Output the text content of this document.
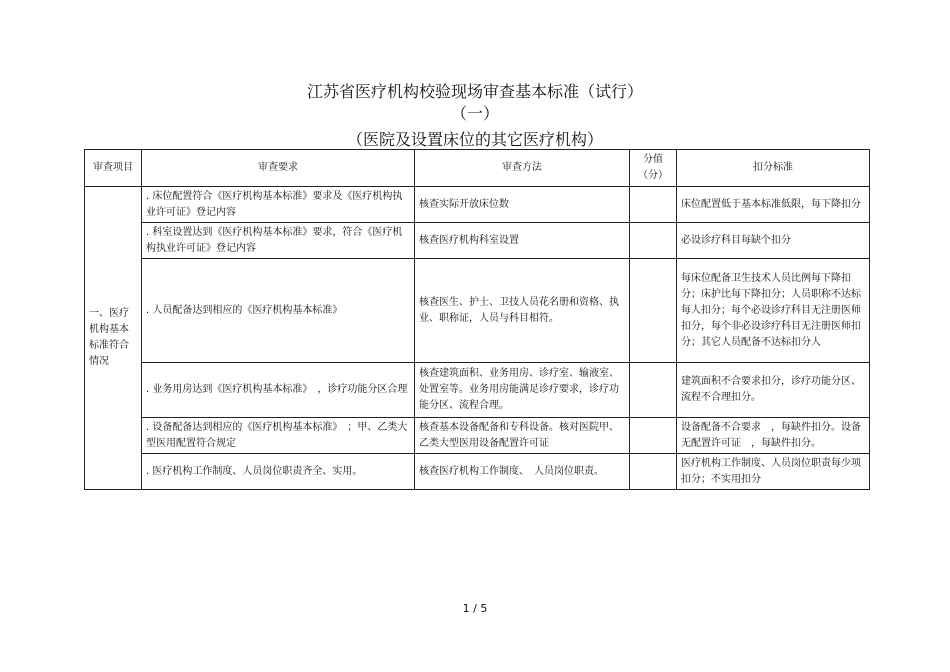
江苏省医疗机构校验现场审查基本标准（试行）
（一）
（医院及设置床位的其它医疗机构）
审查项目	审查要求	审查方法	分值（分）	扣分标准
一、医疗机构基本标准符合情况	. 床位配置符合《医疗机构基本标准》要求及《医疗机构执业许可证》登记内容	核查实际开放床位数		床位配置低于基本标准低限，每下降扣分
	. 科室设置达到《医疗机构基本标准》要求，符合《医疗机构执业许可证》登记内容	核查医疗机构科室设置		必设诊疗科目每缺个扣分
	. 人员配备达到相应的《医疗机构基本标准》	核查医生、护士、卫技人员花名册和资格、执业、职称证，人员与科目相符。		每床位配备卫生技术人员比例每下降扣分；床护比每下降扣分；人员职称不达标每人扣分；每个必设诊疗科目无注册医师扣分，每个非必设诊疗科目无注册医师扣分；其它人员配备不达标扣分人
	. 业务用房达到《医疗机构基本标准》　，诊疗功能分区合理	核查建筑面积、业务用房、诊疗室、输液室、处置室等。业务用房能满足诊疗要求，诊疗功能分区、流程合理。		建筑面积不合要求扣分，诊疗功能分区、流程不合理扣分。
	. 设备配备达到相应的《医疗机构基本标准》　；甲、乙类大型医用配置符合规定	核查基本设备配备和专科设备。核对医院甲、乙类大型医用设备配置许可证		设备配备不合要求　，每缺件扣分。设备无配置许可证　，每缺件扣分。
	. 医疗机构工作制度、人员岗位职责齐全、实用。	核查医疗机构工作制度、　人员岗位职责。		医疗机构工作制度、人员岗位职责每少项扣分；不实用扣分
1 / 5
